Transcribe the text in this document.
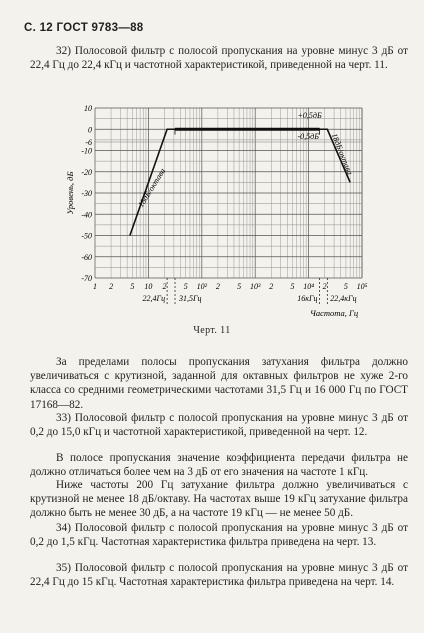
С. 12 ГОСТ 9783—88

32) Полосовой фильтр с полосой пропускания на уровне минус 3 дБ от 22,4 Гц до 22,4 кГц и частотной характеристикой, приведенной на черт. 11.

10
0
-6
-10
-20
-30
-40
-50
-60
-70
1 2 5 10 2 5 10² 2 5 10³ 2 5 10⁴ 2 5 10⁵
Уровень, дБ
+0,5дБ
-0,5дБ
-18дБ/октава
18дБ/октава
22,4Гц 31,5Гц	16кГц 22,4кГц
Частота, Гц
Черт. 11

За пределами полосы пропускания затухания фильтра должно увеличиваться с крутизной, заданной для октавных фильтров не хуже 2-го класса со средними геометрическими частотами 31,5 Гц и 16 000 Гц по ГОСТ 17168—82.

33) Полосовой фильтр с полосой пропускания на уровне минус 3 дБ от 0,2 до 15,0 кГц и частотной характеристикой, приведенной на черт. 12.

В полосе пропускания значение коэффициента передачи фильтра не должно отличаться более чем на 3 дБ от его значения на частоте 1 кГц.

Ниже частоты 200 Гц затухание фильтра должно увеличиваться с крутизной не менее 18 дБ/октаву. На частотах выше 19 кГц затухание фильтра должно быть не менее 30 дБ, а на частоте 19 кГц — не менее 50 дБ.

34) Полосовой фильтр с полосой пропускания на уровне минус 3 дБ от 0,2 до 1,5 кГц. Частотная характеристика фильтра приведена на черт. 13.

35) Полосовой фильтр с полосой пропускания на уровне минус 3 дБ от 22,4 Гц до 15 кГц. Частотная характеристика фильтра приведена на черт. 14.
